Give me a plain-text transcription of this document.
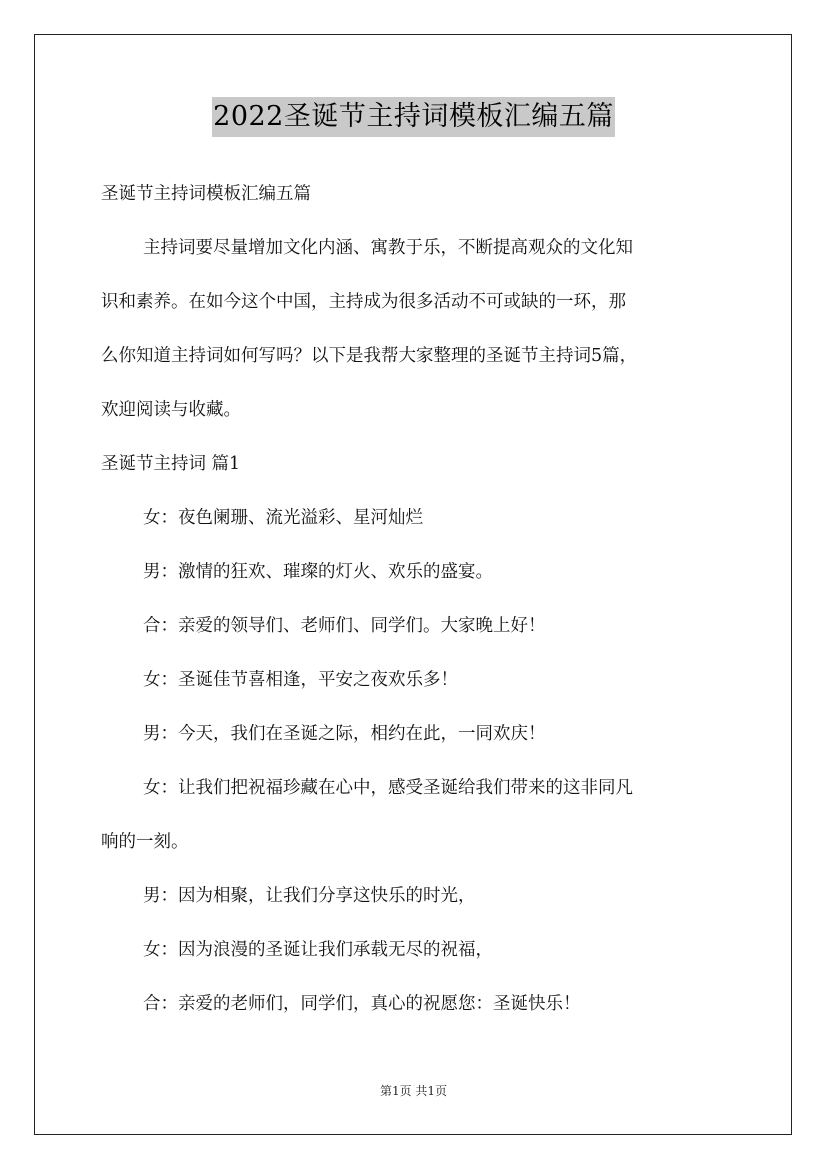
2022圣诞节主持词模板汇编五篇
圣诞节主持词模板汇编五篇
主持词要尽量增加文化内涵、寓教于乐，不断提高观众的文化知
识和素养。在如今这个中国，主持成为很多活动不可或缺的一环，那
么你知道主持词如何写吗？以下是我帮大家整理的圣诞节主持词5篇，
欢迎阅读与收藏。
圣诞节主持词 篇1
女：夜色阑珊、流光溢彩、星河灿烂
男：激情的狂欢、璀璨的灯火、欢乐的盛宴。
合：亲爱的领导们、老师们、同学们。大家晚上好！
女：圣诞佳节喜相逢，平安之夜欢乐多！
男：今天，我们在圣诞之际，相约在此，一同欢庆！
女：让我们把祝福珍藏在心中，感受圣诞给我们带来的这非同凡
响的一刻。
男：因为相聚，让我们分享这快乐的时光，
女：因为浪漫的圣诞让我们承载无尽的祝福，
合：亲爱的老师们，同学们，真心的祝愿您：圣诞快乐！
第1页 共1页
